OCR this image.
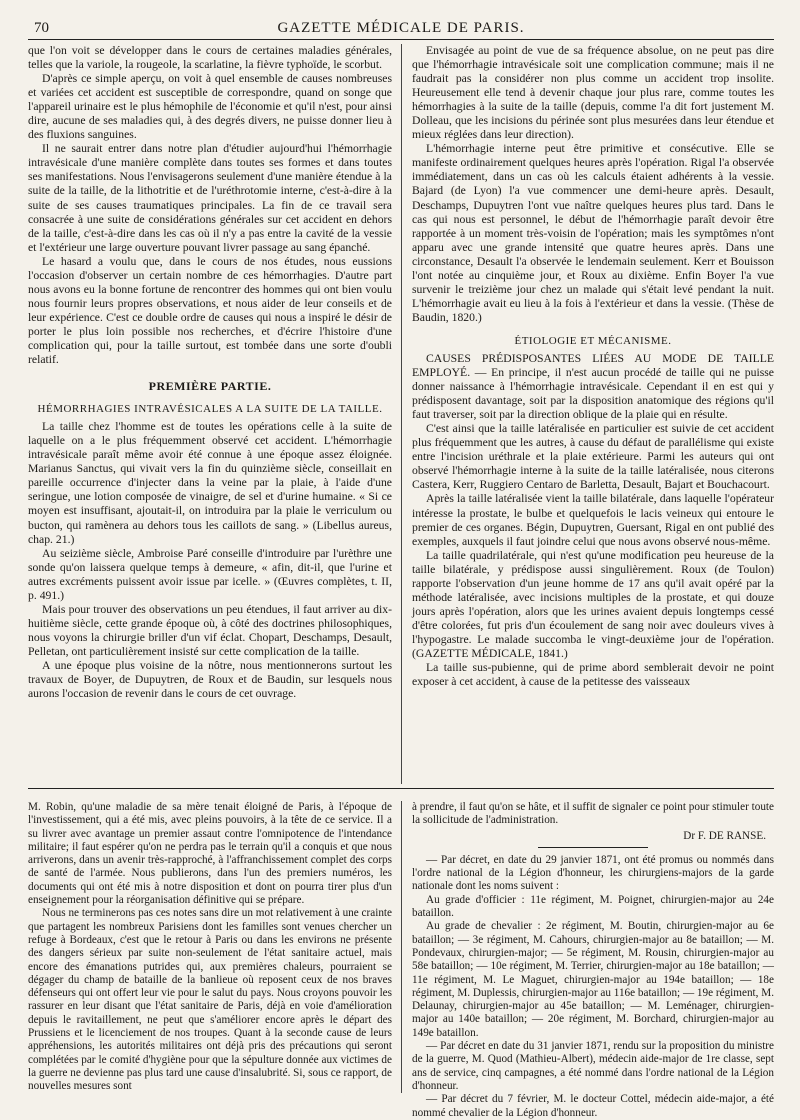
70	GAZETTE MÉDICALE DE PARIS.

que l'on voit se développer dans le cours de certaines maladies générales, telles que la variole, la rougeole, la scarlatine, la fièvre typhoïde, le scorbut.

D'après ce simple aperçu, on voit à quel ensemble de causes nombreuses et variées cet accident est susceptible de correspondre, quand on songe que l'appareil urinaire est le plus hémophile de l'économie et qu'il n'est, pour ainsi dire, aucune de ses maladies qui, à des degrés divers, ne puisse donner lieu à des fluxions sanguines.

Il ne saurait entrer dans notre plan d'étudier aujourd'hui l'hémorrhagie intravésicale d'une manière complète dans toutes ses formes et dans toutes ses manifestations. Nous l'envisagerons seulement d'une manière étendue à la suite de la taille, de la lithotritie et de l'uréthrotomie interne, c'est-à-dire à la suite de ses causes traumatiques principales. La fin de ce travail sera consacrée à une suite de considérations générales sur cet accident en dehors de la taille, c'est-à-dire dans les cas où il n'y a pas entre la cavité de la vessie et l'extérieur une large ouverture pouvant livrer passage au sang épanché.

Le hasard a voulu que, dans le cours de nos études, nous eussions l'occasion d'observer un certain nombre de ces hémorrhagies. D'autre part nous avons eu la bonne fortune de rencontrer des hommes qui ont bien voulu nous fournir leurs propres observations, et nous aider de leur conseils et de leur expérience. C'est ce double ordre de causes qui nous a inspiré le désir de porter le plus loin possible nos recherches, et d'écrire l'histoire d'une complication qui, pour la taille surtout, est tombée dans une sorte d'oubli relatif.

PREMIÈRE PARTIE.
HÉMORRHAGIES INTRAVÉSICALES A LA SUITE DE LA TAILLE.

La taille chez l'homme est de toutes les opérations celle à la suite de laquelle on a le plus fréquemment observé cet accident. L'hémorrhagie intravésicale paraît même avoir été connue à une époque assez éloignée. Marianus Sanctus, qui vivait vers la fin du quinzième siècle, conseillait en pareille occurrence d'injecter dans la veine par la plaie, à l'aide d'une seringue, une lotion composée de vinaigre, de sel et d'urine humaine. « Si ce moyen est insuffisant, ajoutait-il, on introduira par la plaie le verriculum ou bucton, qui ramènera au dehors tous les caillots de sang. » (Libellus aureus, chap. 21.)

Au seizième siècle, Ambroise Paré conseille d'introduire par l'urèthre une sonde qu'on laissera quelque temps à demeure, « afin, dit-il, que l'urine et autres excréments puissent avoir issue par icelle. » (Œuvres complètes, t. II, p. 491.)

Mais pour trouver des observations un peu étendues, il faut arriver au dix-huitième siècle, cette grande époque où, à côté des doctrines philosophiques, nous voyons la chirurgie briller d'un vif éclat. Chopart, Deschamps, Desault, Pelletan, ont particulièrement insisté sur cette complication de la taille.

A une époque plus voisine de la nôtre, nous mentionnerons surtout les travaux de Boyer, de Dupuytren, de Roux et de Baudin, sur lesquels nous aurons l'occasion de revenir dans le cours de cet ouvrage.

Envisagée au point de vue de sa fréquence absolue, on ne peut pas dire que l'hémorrhagie intravésicale soit une complication commune; mais il ne faudrait pas la considérer non plus comme un accident trop insolite. Heureusement elle tend à devenir chaque jour plus rare, comme toutes les hémorrhagies à la suite de la taille (depuis, comme l'a dit fort justement M. Dolleau, que les incisions du périnée sont plus mesurées dans leur étendue et mieux réglées dans leur direction).

L'hémorrhagie interne peut être primitive et consécutive. Elle se manifeste ordinairement quelques heures après l'opération. Rigal l'a observée immédiatement, dans un cas où les calculs étaient adhérents à la vessie. Bajard (de Lyon) l'a vue commencer une demi-heure après. Desault, Deschamps, Dupuytren l'ont vue naître quelques heures plus tard. Dans le cas qui nous est personnel, le début de l'hémorrhagie paraît devoir être rapportée à un moment très-voisin de l'opération; mais les symptômes n'ont apparu avec une grande intensité que quatre heures après. Dans une circonstance, Desault l'a observée le lendemain seulement. Kerr et Bouisson l'ont notée au cinquième jour, et Roux au dixième. Enfin Boyer l'a vue survenir le treizième jour chez un malade qui s'était levé pendant la nuit. L'hémorrhagie avait eu lieu à la fois à l'extérieur et dans la vessie. (Thèse de Baudin, 1820.)

ÉTIOLOGIE ET MÉCANISME.

CAUSES PRÉDISPOSANTES LIÉES AU MODE DE TAILLE EMPLOYÉ. — En principe, il n'est aucun procédé de taille qui ne puisse donner naissance à l'hémorrhagie intravésicale. Cependant il en est qui y prédisposent davantage, soit par la disposition anatomique des régions qu'il faut traverser, soit par la direction oblique de la plaie qui en résulte.

C'est ainsi que la taille latéralisée en particulier est suivie de cet accident plus fréquemment que les autres, à cause du défaut de parallélisme qui existe entre l'incision uréthrale et la plaie extérieure. Parmi les auteurs qui ont observé l'hémorrhagie interne à la suite de la taille latéralisée, nous citerons Castera, Kerr, Ruggiero Centaro de Barletta, Desault, Bajart et Bouchacourt.

Après la taille latéralisée vient la taille bilatérale, dans laquelle l'opérateur intéresse la prostate, le bulbe et quelquefois le lacis veineux qui entoure le premier de ces organes. Bégin, Dupuytren, Guersant, Rigal en ont publié des exemples, auxquels il faut joindre celui que nous avons observé nous-même.

La taille quadrilatérale, qui n'est qu'une modification peu heureuse de la taille bilatérale, y prédispose aussi singulièrement. Roux (de Toulon) rapporte l'observation d'un jeune homme de 17 ans qu'il avait opéré par la méthode latéralisée, avec incisions multiples de la prostate, et qui douze jours après l'opération, alors que les urines avaient depuis longtemps cessé d'être colorées, fut pris d'un écoulement de sang noir avec douleurs vives à l'hypogastre. Le malade succomba le vingt-deuxième jour de l'opération. (GAZETTE MÉDICALE, 1841.)

La taille sus-pubienne, qui de prime abord semblerait devoir ne point exposer à cet accident, à cause de la petitesse des vaisseaux

M. Robin, qu'une maladie de sa mère tenait éloigné de Paris, à l'époque de l'investissement, qui a été mis, avec pleins pouvoirs, à la tête de ce service. Il a su livrer avec avantage un premier assaut contre l'omnipotence de l'intendance militaire; il faut espérer qu'on ne perdra pas le terrain qu'il a conquis et que nous arriverons, dans un avenir très-rapproché, à l'affranchissement complet des corps de santé de l'armée. Nous publierons, dans l'un des premiers numéros, les documents qui ont été mis à notre disposition et dont on pourra tirer plus d'un enseignement pour la réorganisation définitive qui se prépare.

Nous ne terminerons pas ces notes sans dire un mot relativement à une crainte que partagent les nombreux Parisiens dont les familles sont venues chercher un refuge à Bordeaux, c'est que le retour à Paris ou dans les environs ne présente des dangers sérieux par suite non-seulement de l'état sanitaire actuel, mais encore des émanations putrides qui, aux premières chaleurs, pourraient se dégager du champ de bataille de la banlieue où reposent ceux de nos braves défenseurs qui ont offert leur vie pour le salut du pays. Nous croyons pouvoir les rassurer en leur disant que l'état sanitaire de Paris, déjà en voie d'amélioration depuis le ravitaillement, ne peut que s'améliorer encore après le départ des Prussiens et le licenciement de nos troupes. Quant à la seconde cause de leurs appréhensions, les autorités militaires ont déjà pris des précautions qui seront complétées par le comité d'hygiène pour que la sépulture donnée aux victimes de la guerre ne devienne pas plus tard une cause d'insalubrité. Si, sous ce rapport, de nouvelles mesures sont

à prendre, il faut qu'on se hâte, et il suffit de signaler ce point pour stimuler toute la sollicitude de l'administration.

Dr F. DE RANSE.

— Par décret, en date du 29 janvier 1871, ont été promus ou nommés dans l'ordre national de la Légion d'honneur, les chirurgiens-majors de la garde nationale dont les noms suivent :

Au grade d'officier : 11e régiment, M. Poignet, chirurgien-major au 24e bataillon.

Au grade de chevalier : 2e régiment, M. Boutin, chirurgien-major au 6e bataillon; — 3e régiment, M. Cahours, chirurgien-major au 8e bataillon; — M. Pondevaux, chirurgien-major; — 5e régiment, M. Rousin, chirurgien-major au 58e bataillon; — 10e régiment, M. Terrier, chirurgien-major au 18e bataillon; — 11e régiment, M. Le Maguet, chirurgien-major au 194e bataillon; — 18e régiment, M. Duplessis, chirurgien-major au 116e bataillon; — 19e régiment, M. Delaunay, chirurgien-major au 45e bataillon; — M. Leménager, chirurgien-major au 140e bataillon; — 20e régiment, M. Borchard, chirurgien-major au 149e bataillon.

— Par décret en date du 31 janvier 1871, rendu sur la proposition du ministre de la guerre, M. Quod (Mathieu-Albert), médecin aide-major de 1re classe, sept ans de service, cinq campagnes, a été nommé dans l'ordre national de la Légion d'honneur.

— Par décret du 7 février, M. le docteur Cottel, médecin aide-major, a été nommé chevalier de la Légion d'honneur.
